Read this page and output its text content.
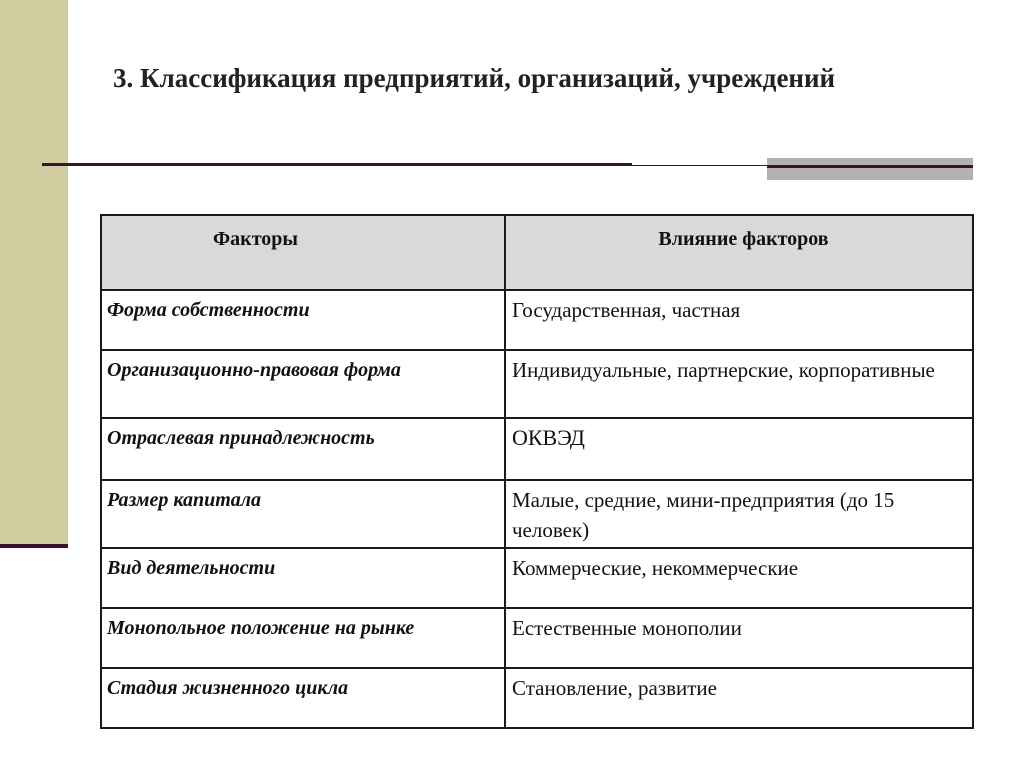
3. Классификация предприятий, организаций, учреждений
Факторы	Влияние факторов
Форма собственности	Государственная, частная
Организационно-правовая форма	Индивидуальные, партнерские, корпоративные
Отраслевая принадлежность	ОКВЭД
Размер капитала	Малые, средние, мини-предприятия (до 15 человек)
Вид деятельности	Коммерческие, некоммерческие
Монопольное положение на рынке	Естественные монополии
Стадия жизненного цикла	Становление, развитие
